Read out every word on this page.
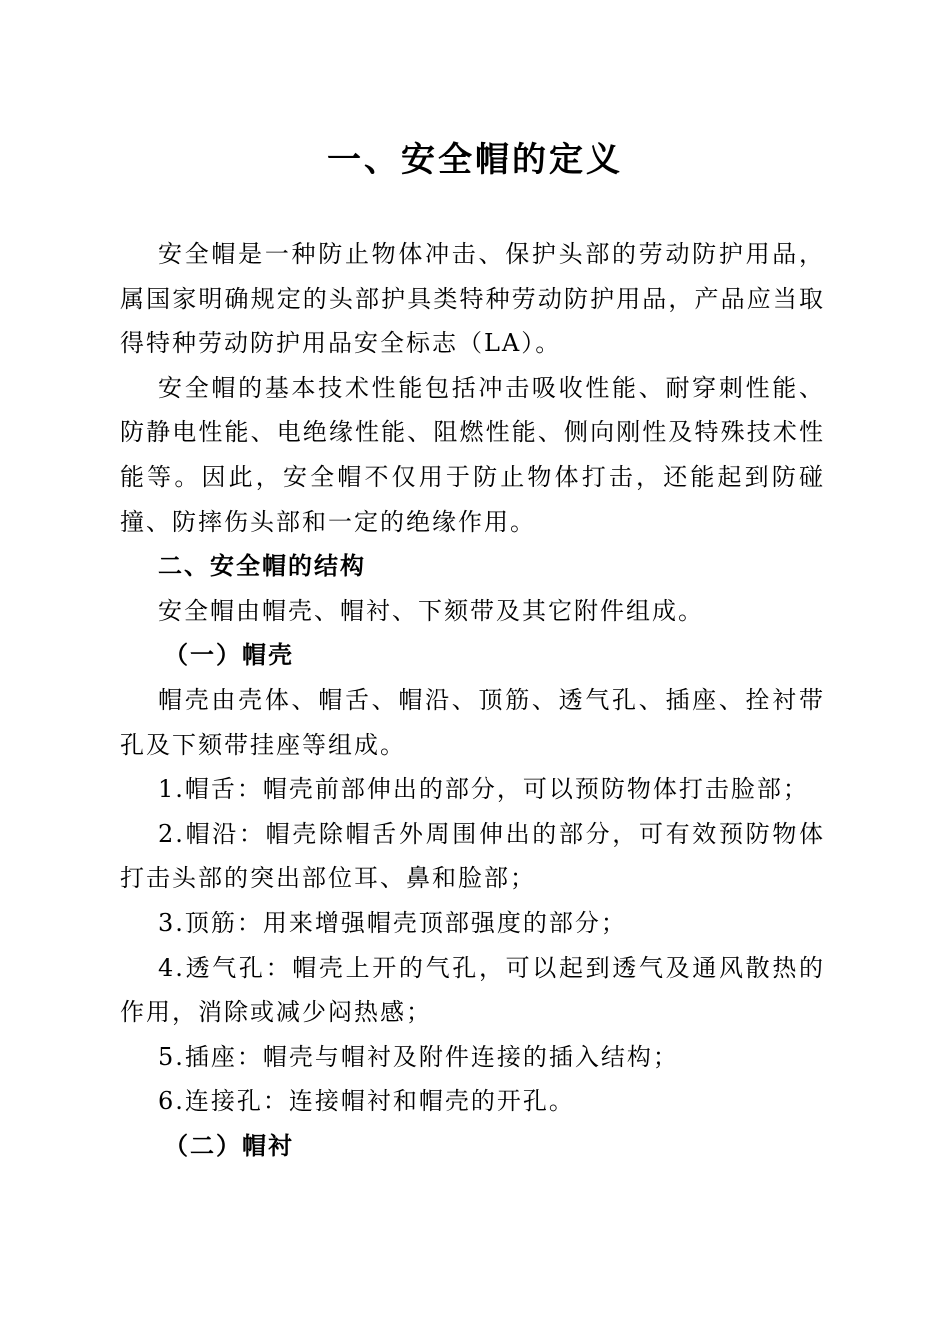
一、安全帽的定义

安全帽是一种防止物体冲击、保护头部的劳动防护用品，属国家明确规定的头部护具类特种劳动防护用品，产品应当取得特种劳动防护用品安全标志（LA）。

安全帽的基本技术性能包括冲击吸收性能、耐穿刺性能、防静电性能、电绝缘性能、阻燃性能、侧向刚性及特殊技术性能等。因此，安全帽不仅用于防止物体打击，还能起到防碰撞、防摔伤头部和一定的绝缘作用。

二、安全帽的结构

安全帽由帽壳、帽衬、下颏带及其它附件组成。

（一）帽壳

帽壳由壳体、帽舌、帽沿、顶筋、透气孔、插座、拴衬带孔及下颏带挂座等组成。

1.帽舌：帽壳前部伸出的部分，可以预防物体打击脸部；

2.帽沿：帽壳除帽舌外周围伸出的部分，可有效预防物体打击头部的突出部位耳、鼻和脸部；

3.顶筋：用来增强帽壳顶部强度的部分；

4.透气孔：帽壳上开的气孔，可以起到透气及通风散热的作用，消除或减少闷热感；

5.插座：帽壳与帽衬及附件连接的插入结构；

6.连接孔：连接帽衬和帽壳的开孔。

（二）帽衬
